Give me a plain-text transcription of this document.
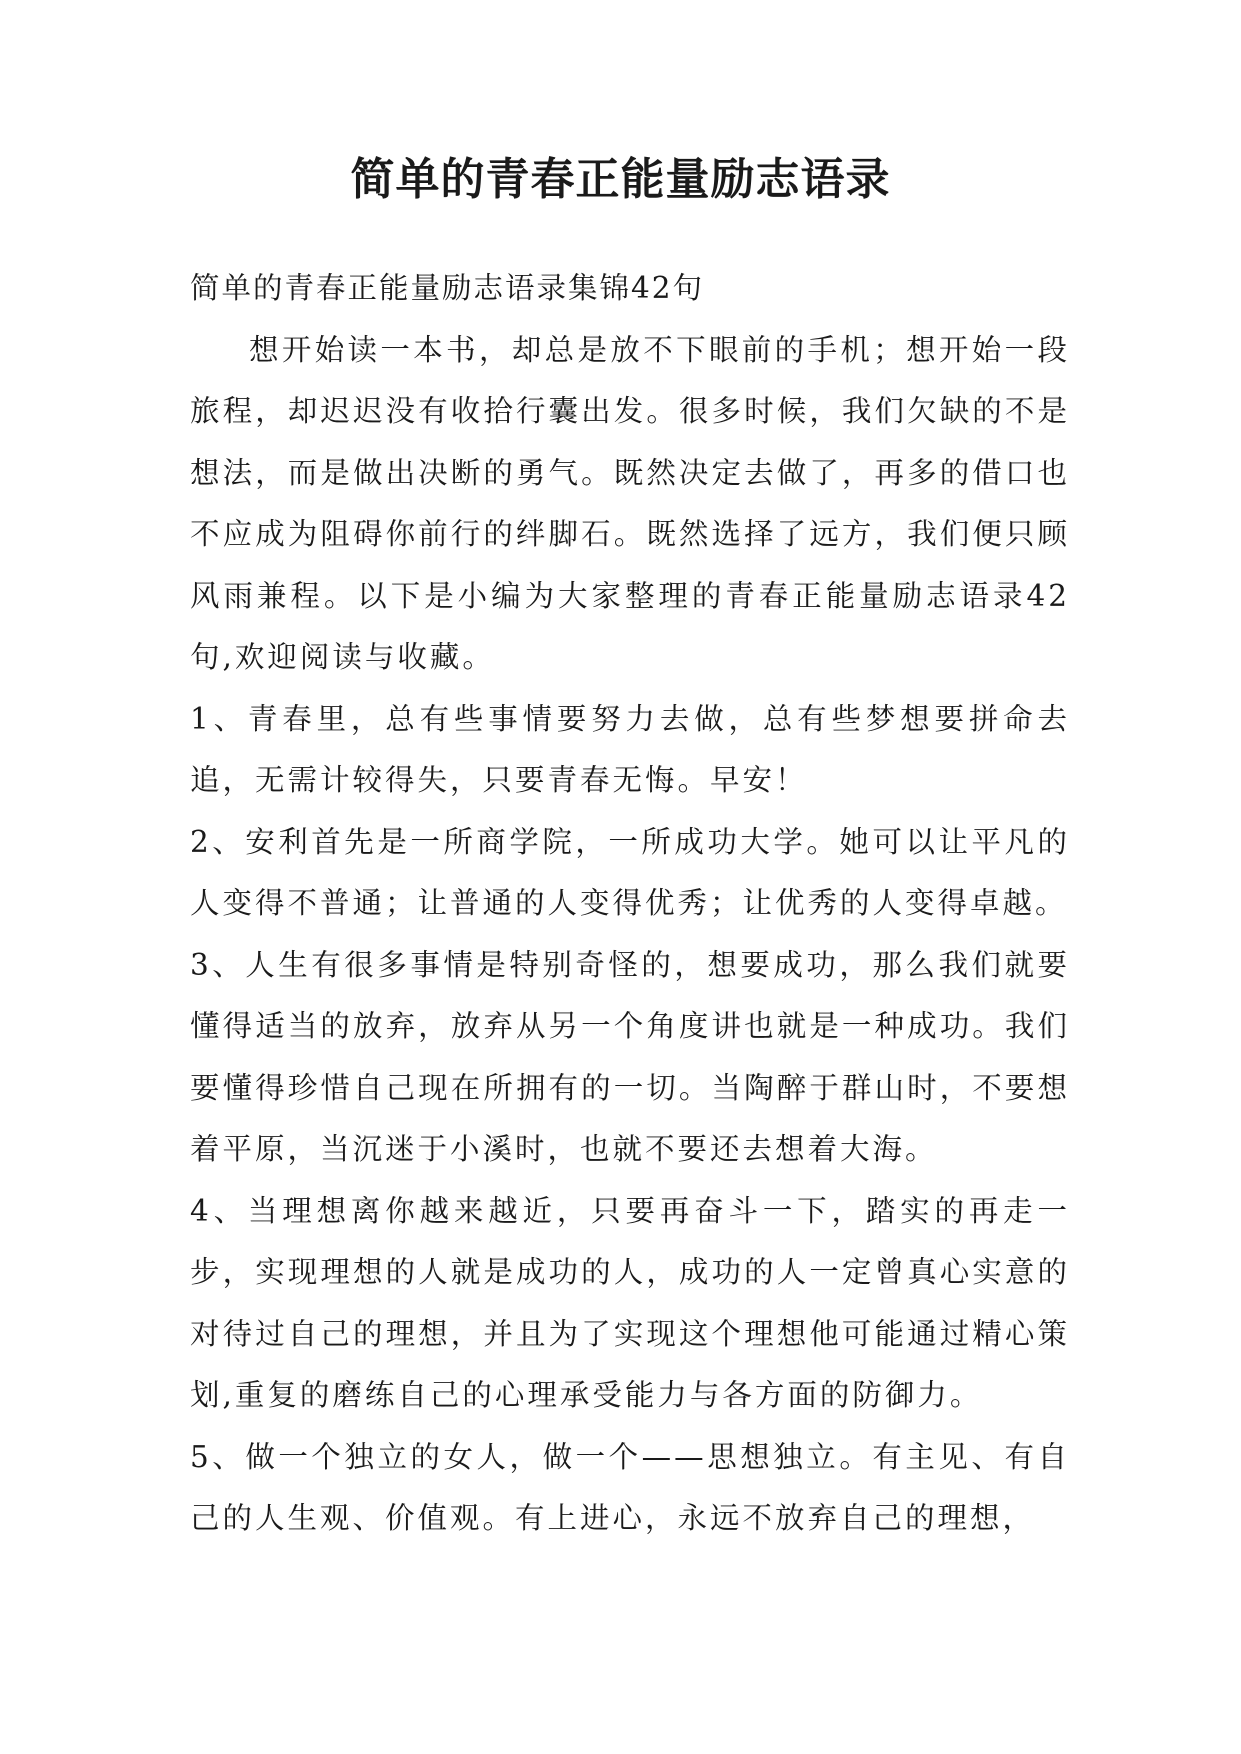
简单的青春正能量励志语录

简单的青春正能量励志语录集锦42句

想开始读一本书，却总是放不下眼前的手机；想开始一段旅程，却迟迟没有收拾行囊出发。很多时候，我们欠缺的不是想法，而是做出决断的勇气。既然决定去做了，再多的借口也不应成为阻碍你前行的绊脚石。既然选择了远方，我们便只顾风雨兼程。以下是小编为大家整理的青春正能量励志语录42句,欢迎阅读与收藏。

1、青春里，总有些事情要努力去做，总有些梦想要拼命去追，无需计较得失，只要青春无悔。早安！

2、安利首先是一所商学院，一所成功大学。她可以让平凡的人变得不普通；让普通的人变得优秀；让优秀的人变得卓越。

3、人生有很多事情是特别奇怪的，想要成功，那么我们就要懂得适当的放弃，放弃从另一个角度讲也就是一种成功。我们要懂得珍惜自己现在所拥有的一切。当陶醉于群山时，不要想着平原，当沉迷于小溪时，也就不要还去想着大海。

4、当理想离你越来越近，只要再奋斗一下，踏实的再走一步，实现理想的人就是成功的人，成功的人一定曾真心实意的对待过自己的理想，并且为了实现这个理想他可能通过精心策划,重复的磨练自己的心理承受能力与各方面的防御力。

5、做一个独立的女人，做一个——思想独立。有主见、有自己的人生观、价值观。有上进心，永远不放弃自己的理想，
